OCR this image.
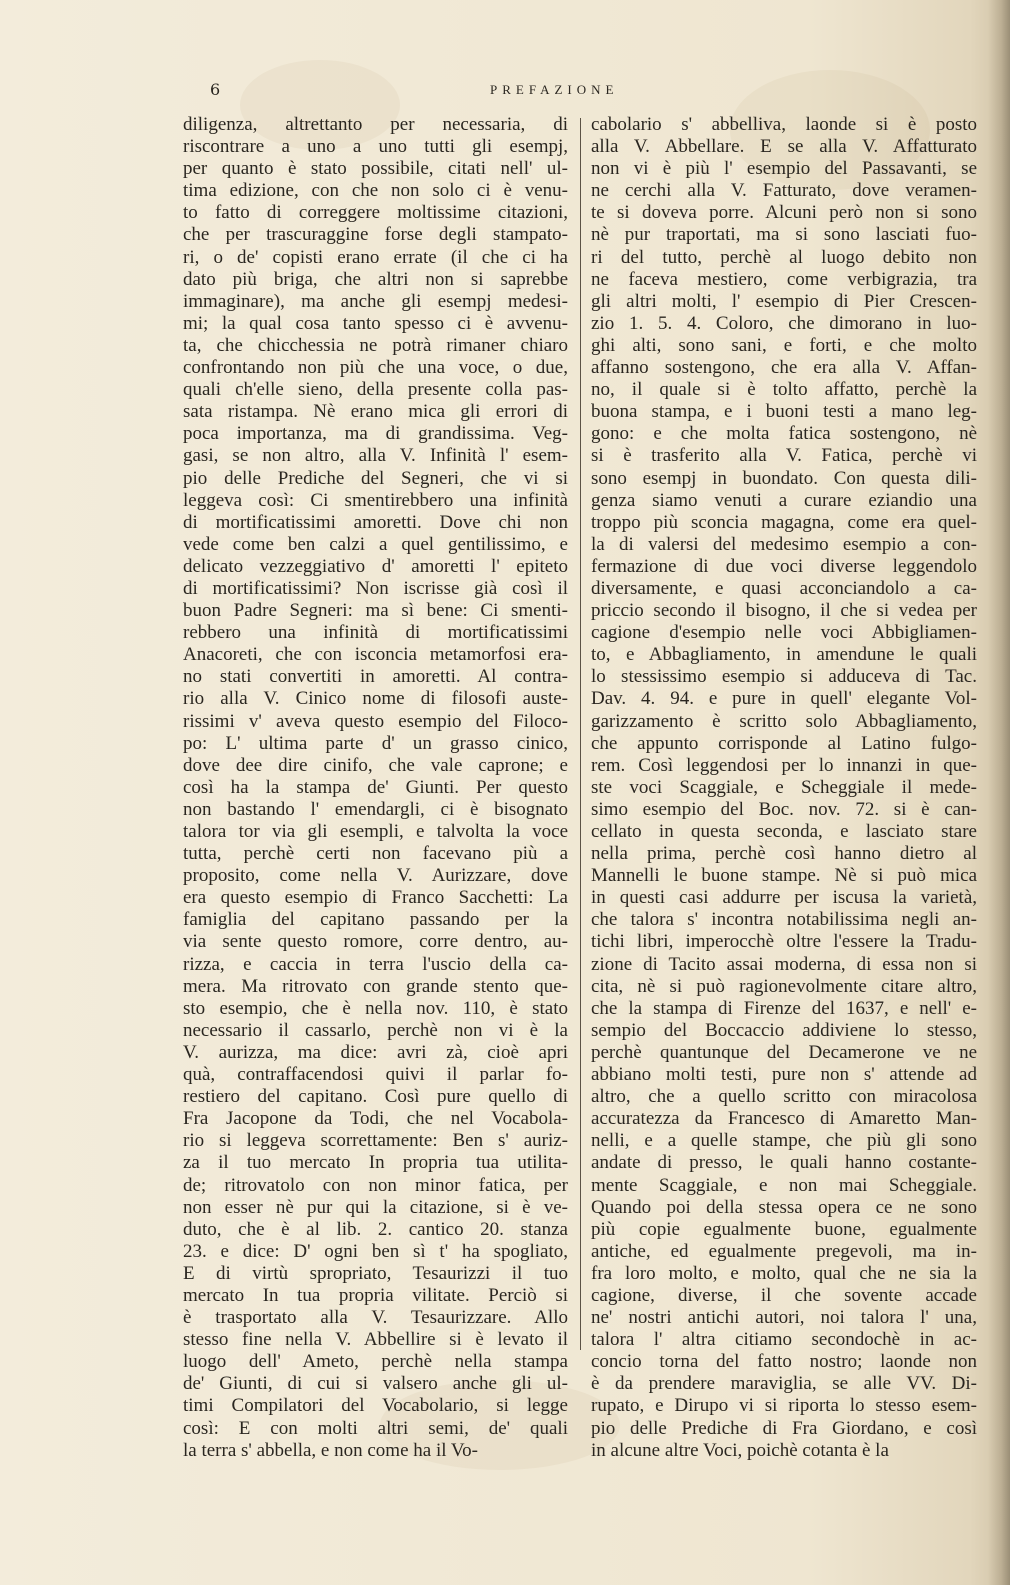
6	PREFAZIONE
diligenza, altrettanto per necessaria, di
riscontrare a uno a uno tutti gli esempj,
per quanto è stato possibile, citati nell' ul-
tima edizione, con che non solo ci è venu-
to fatto di correggere moltissime citazioni,
che per trascuraggine forse degli stampato-
ri, o de' copisti erano errate (il che ci ha
dato più briga, che altri non si saprebbe
immaginare), ma anche gli esempj medesi-
mi; la qual cosa tanto spesso ci è avvenu-
ta, che chicchessia ne potrà rimaner chiaro
confrontando non più che una voce, o due,
quali ch'elle sieno, della presente colla pas-
sata ristampa. Nè erano mica gli errori di
poca importanza, ma di grandissima. Veg-
gasi, se non altro, alla V. Infinità l' esem-
pio delle Prediche del Segneri, che vi si
leggeva così: Ci smentirebbero una infinità
di mortificatissimi amoretti. Dove chi non
vede come ben calzi a quel gentilissimo, e
delicato vezzeggiativo d' amoretti l' epiteto
di mortificatissimi? Non iscrisse già così il
buon Padre Segneri: ma sì bene: Ci smenti-
rebbero una infinità di mortificatissimi
Anacoreti, che con isconcia metamorfosi era-
no stati convertiti in amoretti. Al contra-
rio alla V. Cinico nome di filosofi auste-
rissimi v' aveva questo esempio del Filoco-
po: L' ultima parte d' un grasso cinico,
dove dee dire cinifo, che vale caprone; e
così ha la stampa de' Giunti. Per questo
non bastando l' emendargli, ci è bisognato
talora tor via gli esempli, e talvolta la voce
tutta, perchè certi non facevano più a
proposito, come nella V. Aurizzare, dove
era questo esempio di Franco Sacchetti: La
famiglia del capitano passando per la
via sente questo romore, corre dentro, au-
rizza, e caccia in terra l'uscio della ca-
mera. Ma ritrovato con grande stento que-
sto esempio, che è nella nov. 110, è stato
necessario il cassarlo, perchè non vi è la
V. aurizza, ma dice: avri zà, cioè apri
quà, contraffacendosi quivi il parlar fo-
restiero del capitano. Così pure quello di
Fra Jacopone da Todi, che nel Vocabola-
rio si leggeva scorrettamente: Ben s' auriz-
za il tuo mercato In propria tua utilita-
de; ritrovatolo con non minor fatica, per
non esser nè pur qui la citazione, si è ve-
duto, che è al lib. 2. cantico 20. stanza
23. e dice: D' ogni ben sì t' ha spogliato,
E di virtù spropriato, Tesaurizzi il tuo
mercato In tua propria vilitate. Perciò si
è trasportato alla V. Tesaurizzare. Allo
stesso fine nella V. Abbellire si è levato il
luogo dell' Ameto, perchè nella stampa
de' Giunti, di cui si valsero anche gli ul-
timi Compilatori del Vocabolario, si legge
così: E con molti altri semi, de' quali
la terra s' abbella, e non come ha il Vo-
cabolario s' abbelliva, laonde si è posto
alla V. Abbellare. E se alla V. Affatturato
non vi è più l' esempio del Passavanti, se
ne cerchi alla V. Fatturato, dove veramen-
te si doveva porre. Alcuni però non si sono
nè pur traportati, ma si sono lasciati fuo-
ri del tutto, perchè al luogo debito non
ne faceva mestiero, come verbigrazia, tra
gli altri molti, l' esempio di Pier Crescen-
zio 1. 5. 4. Coloro, che dimorano in luo-
ghi alti, sono sani, e forti, e che molto
affanno sostengono, che era alla V. Affan-
no, il quale si è tolto affatto, perchè la
buona stampa, e i buoni testi a mano leg-
gono: e che molta fatica sostengono, nè
si è trasferito alla V. Fatica, perchè vi
sono esempj in buondato. Con questa dili-
genza siamo venuti a curare eziandio una
troppo più sconcia magagna, come era quel-
la di valersi del medesimo esempio a con-
fermazione di due voci diverse leggendolo
diversamente, e quasi acconciandolo a ca-
priccio secondo il bisogno, il che si vedea per
cagione d'esempio nelle voci Abbigliamen-
to, e Abbagliamento, in amendune le quali
lo stessissimo esempio si adduceva di Tac.
Dav. 4. 94. e pure in quell' elegante Vol-
garizzamento è scritto solo Abbagliamento,
che appunto corrisponde al Latino fulgo-
rem. Così leggendosi per lo innanzi in que-
ste voci Scaggiale, e Scheggiale il mede-
simo esempio del Boc. nov. 72. si è can-
cellato in questa seconda, e lasciato stare
nella prima, perchè così hanno dietro al
Mannelli le buone stampe. Nè si può mica
in questi casi addurre per iscusa la varietà,
che talora s' incontra notabilissima negli an-
tichi libri, imperocchè oltre l'essere la Tradu-
zione di Tacito assai moderna, di essa non si
cita, nè si può ragionevolmente citare altro,
che la stampa di Firenze del 1637, e nell' e-
sempio del Boccaccio addiviene lo stesso,
perchè quantunque del Decamerone ve ne
abbiano molti testi, pure non s' attende ad
altro, che a quello scritto con miracolosa
accuratezza da Francesco di Amaretto Man-
nelli, e a quelle stampe, che più gli sono
andate di presso, le quali hanno costante-
mente Scaggiale, e non mai Scheggiale.
Quando poi della stessa opera ce ne sono
più copie egualmente buone, egualmente
antiche, ed egualmente pregevoli, ma in-
fra loro molto, e molto, qual che ne sia la
cagione, diverse, il che sovente accade
ne' nostri antichi autori, noi talora l' una,
talora l' altra citiamo secondochè in ac-
concio torna del fatto nostro; laonde non
è da prendere maraviglia, se alle VV. Di-
rupato, e Dirupo vi si riporta lo stesso esem-
pio delle Prediche di Fra Giordano, e così
in alcune altre Voci, poichè cotanta è la
